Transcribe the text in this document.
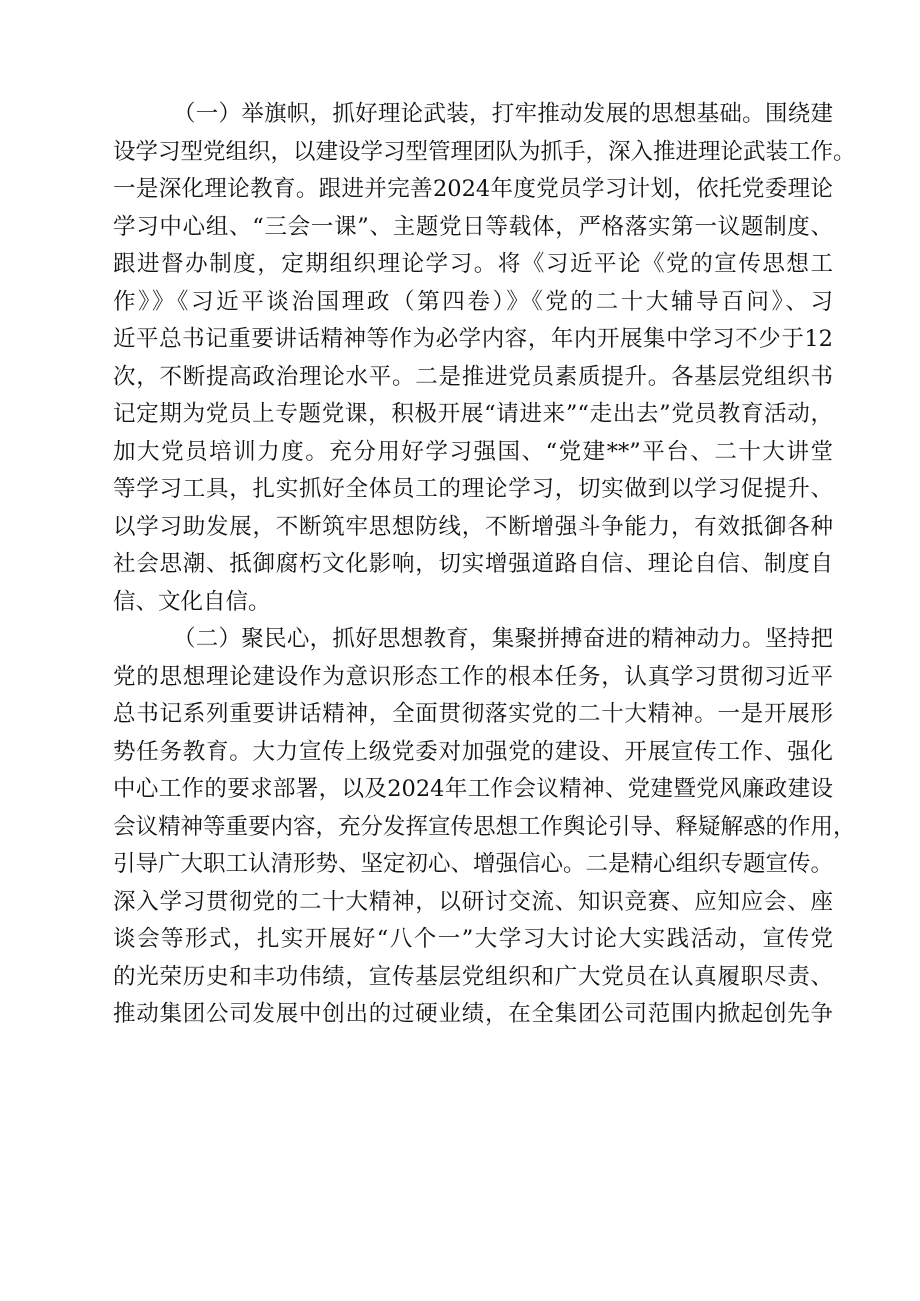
（一）举旗帜，抓好理论武装，打牢推动发展的思想基础。围绕建
设学习型党组织，以建设学习型管理团队为抓手，深入推进理论武装工作。
一是深化理论教育。跟进并完善2024年度党员学习计划，依托党委理论
学习中心组、“三会一课”、主题党日等载体，严格落实第一议题制度、
跟进督办制度，定期组织理论学习。将《习近平论《党的宣传思想工
作》》《习近平谈治国理政（第四卷）》《党的二十大辅导百问》、习
近平总书记重要讲话精神等作为必学内容，年内开展集中学习不少于12
次，不断提高政治理论水平。二是推进党员素质提升。各基层党组织书
记定期为党员上专题党课，积极开展“请进来”“走出去”党员教育活动，
加大党员培训力度。充分用好学习强国、“党建**”平台、二十大讲堂
等学习工具，扎实抓好全体员工的理论学习，切实做到以学习促提升、
以学习助发展，不断筑牢思想防线，不断增强斗争能力，有效抵御各种
社会思潮、抵御腐朽文化影响，切实增强道路自信、理论自信、制度自
信、文化自信。
（二）聚民心，抓好思想教育，集聚拼搏奋进的精神动力。坚持把
党的思想理论建设作为意识形态工作的根本任务，认真学习贯彻习近平
总书记系列重要讲话精神，全面贯彻落实党的二十大精神。一是开展形
势任务教育。大力宣传上级党委对加强党的建设、开展宣传工作、强化
中心工作的要求部署，以及2024年工作会议精神、党建暨党风廉政建设
会议精神等重要内容，充分发挥宣传思想工作舆论引导、释疑解惑的作用，
引导广大职工认清形势、坚定初心、增强信心。二是精心组织专题宣传。
深入学习贯彻党的二十大精神，以研讨交流、知识竞赛、应知应会、座
谈会等形式，扎实开展好“八个一”大学习大讨论大实践活动，宣传党
的光荣历史和丰功伟绩，宣传基层党组织和广大党员在认真履职尽责、
推动集团公司发展中创出的过硬业绩，在全集团公司范围内掀起创先争
